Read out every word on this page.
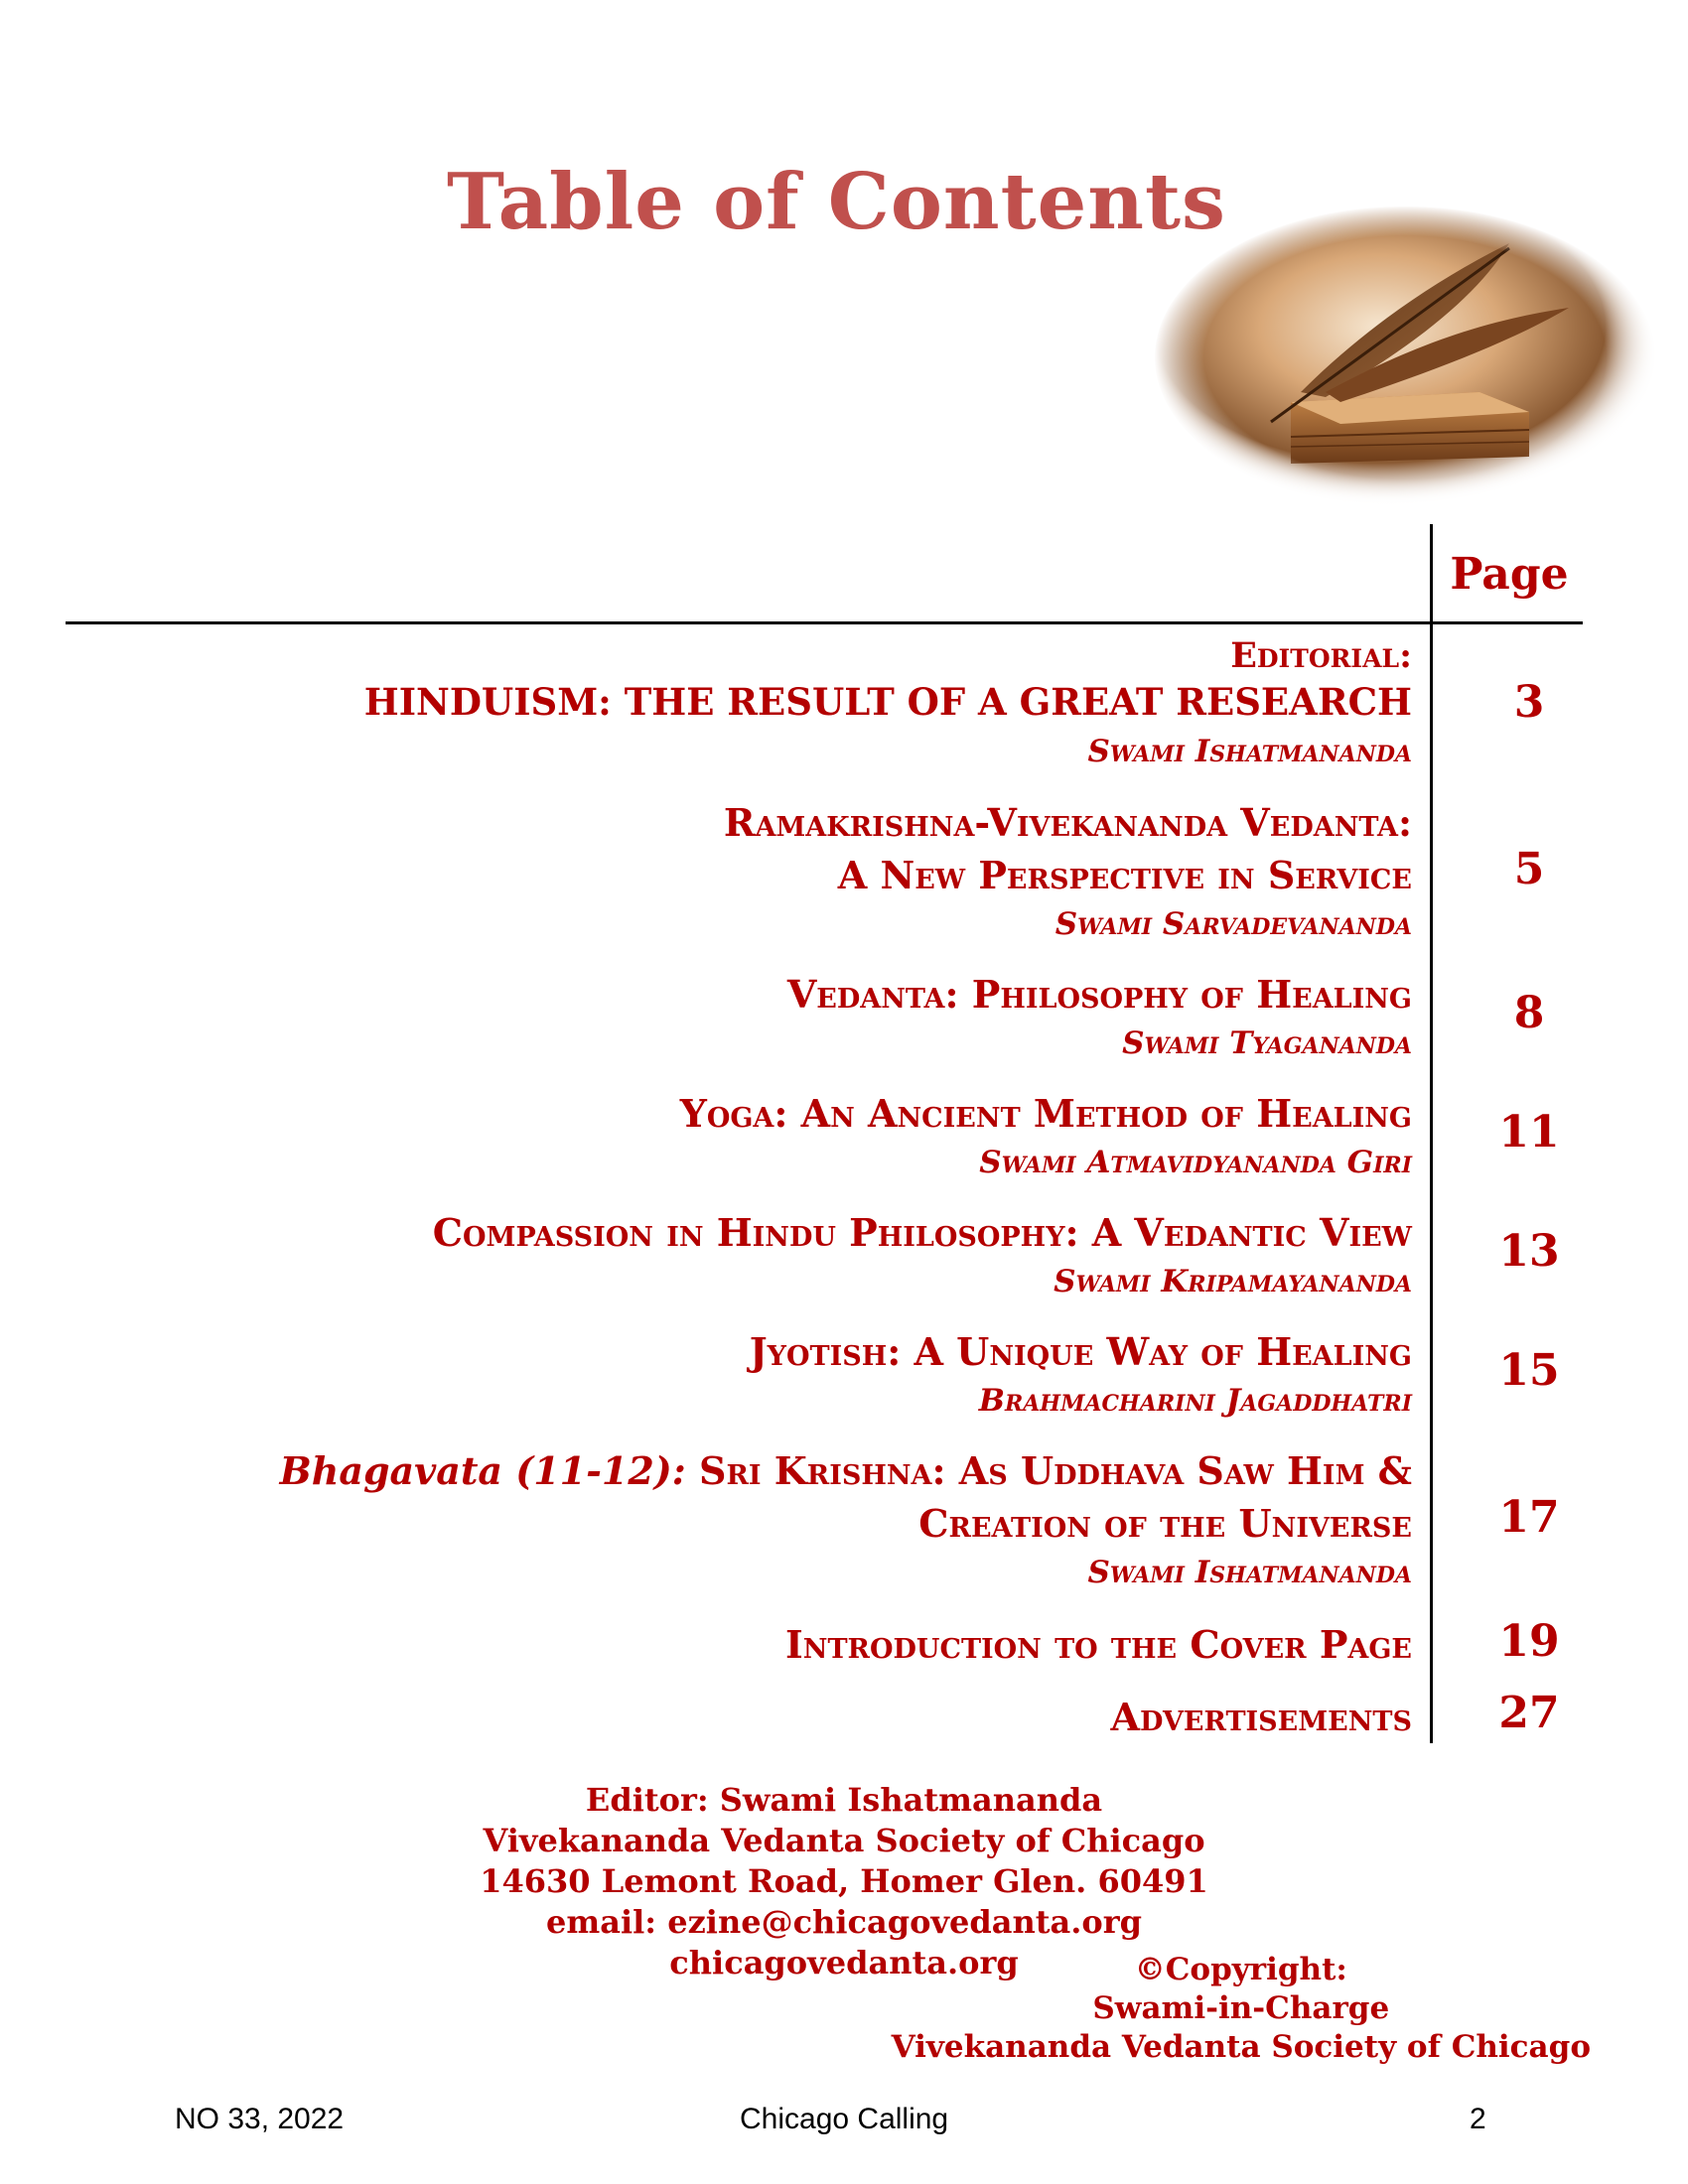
Table of Contents
Page
Editorial:
HINDUISM: THE RESULT OF A GREAT RESEARCH
Swami Ishatmananda
3
Ramakrishna-Vivekananda Vedanta:
A New Perspective in Service
Swami Sarvadevananda
5
Vedanta: Philosophy of Healing
Swami Tyagananda
8
Yoga: An Ancient Method of Healing
Swami Atmavidyananda Giri
11
Compassion in Hindu Philosophy: A Vedantic View
Swami Kripamayananda
13
Jyotish: A Unique Way of Healing
Brahmacharini Jagaddhatri
15
Bhagavata (11-12): Sri Krishna: As Uddhava Saw Him &
Creation of the Universe
Swami Ishatmananda
17
Introduction to the Cover Page	19
Advertisements	27
Editor: Swami Ishatmananda
Vivekananda Vedanta Society of Chicago
14630 Lemont Road, Homer Glen. 60491
email: ezine@chicagovedanta.org
chicagovedanta.org	©Copyright:
Swami-in-Charge
Vivekananda Vedanta Society of Chicago
NO 33, 2022	Chicago Calling	2
